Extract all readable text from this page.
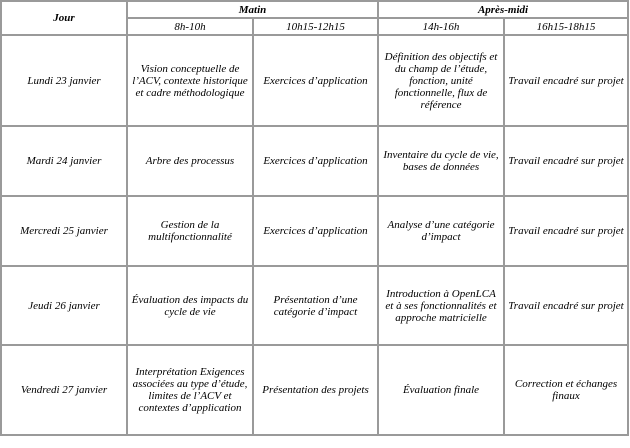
Jour	Matin		Après-midi	
	8h-10h	10h15-12h15	14h-16h	16h15-18h15
Lundi 23 janvier	Vision conceptuelle de l’ACV, contexte historique et cadre méthodologique	Exercices d’application	Définition des objectifs et du champ de l’étude, fonction, unité fonctionnelle, flux de référence	Travail encadré sur projet
Mardi 24 janvier	Arbre des processus	Exercices d’application	Inventaire du cycle de vie, bases de données	Travail encadré sur projet
Mercredi 25 janvier	Gestion de la multifonctionnalité	Exercices d’application	Analyse d’une catégorie d’impact	Travail encadré sur projet
Jeudi 26 janvier	Évaluation des impacts du cycle de vie	Présentation d’une catégorie d’impact	Introduction à OpenLCA et à ses fonctionnalités et approche matricielle	Travail encadré sur projet
Vendredi 27 janvier	Interprétation Exigences associées au type d’étude, limites de l’ACV et contextes d’application	Présentation des projets	Évaluation finale	Correction et échanges finaux
